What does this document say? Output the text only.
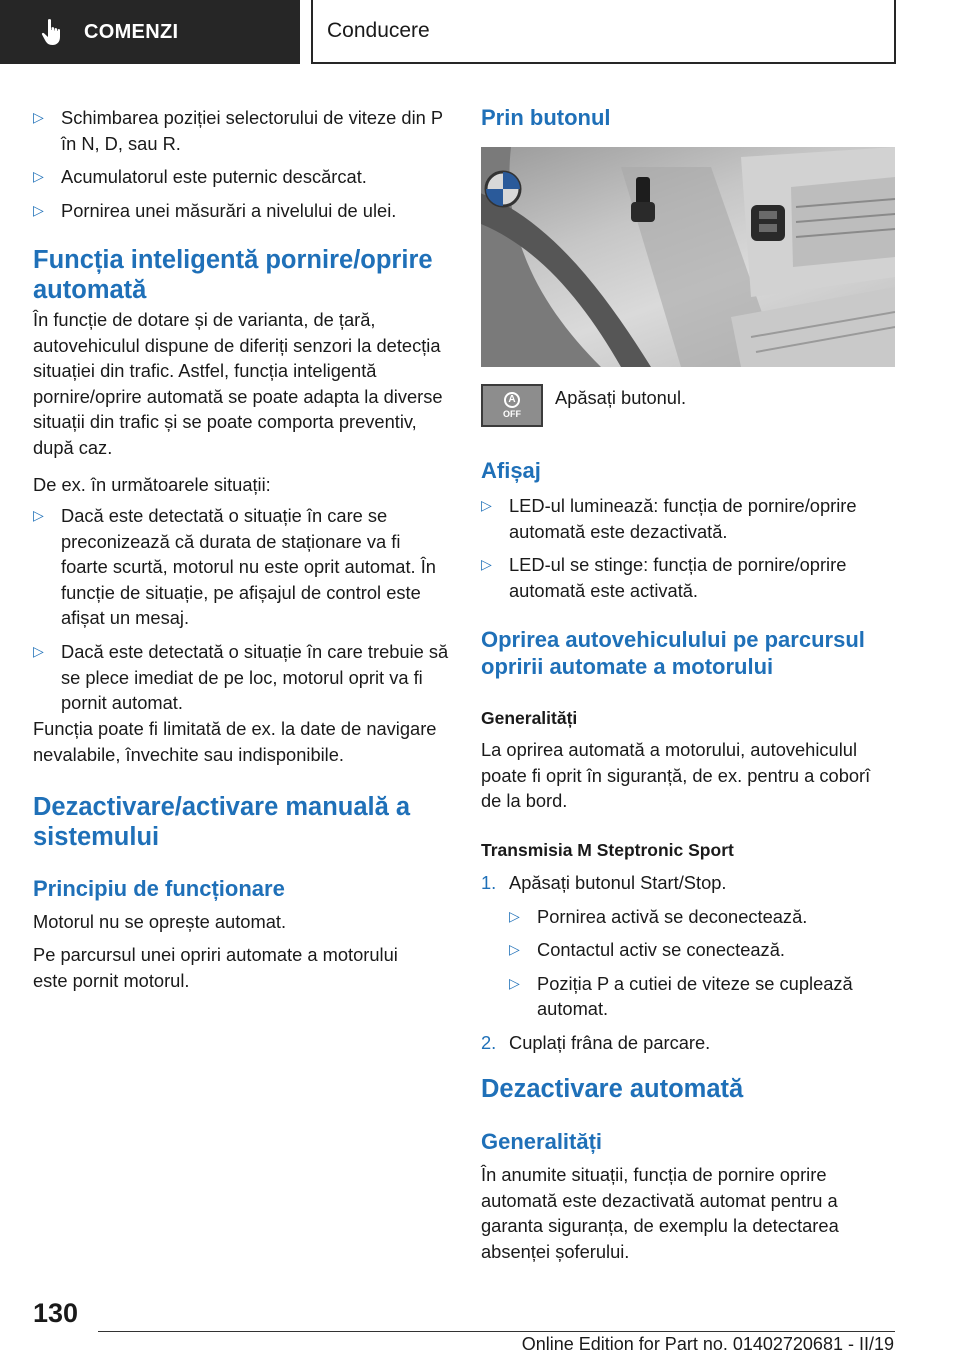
COMENZI	Conducere
▷ Schimbarea poziției selectorului de viteze din P în N, D, sau R.
▷ Acumulatorul este puternic descărcat.
▷ Pornirea unei măsurări a nivelului de ulei.
Funcția inteligentă pornire/oprire automată

În funcție de dotare și de varianta, de țară, autovehiculul dispune de diferiți senzori la detecția situației din trafic. Astfel, funcția inteligentă pornire/oprire automată se poate adapta la diverse situații din trafic și se poate comporta preventiv, după caz.

De ex. în următoarele situații:

▷ Dacă este detectată o situație în care se preconizează că durata de staționare va fi foarte scurtă, motorul nu este oprit automat. În funcție de situație, pe afișajul de control este afișat un mesaj.
▷ Dacă este detectată o situație în care trebuie să se plece imediat de pe loc, motorul oprit va fi pornit automat.

Funcția poate fi limitată de ex. la date de navigare nevalabile, învechite sau indisponibile.

Dezactivare/activare manuală a sistemului
Principiu de funcționare

Motorul nu se oprește automat.

Pe parcursul unei opriri automate a motorului este pornit motorul.

Prin butonul
A
OFF

Apăsați butonul.

Afișaj
▷ LED-ul luminează: funcția de pornire/oprire automată este dezactivată.
▷ LED-ul se stinge: funcția de pornire/oprire automată este activată.
Oprirea autovehiculului pe parcursul opririi automate a motorului
Generalități

La oprirea automată a motorului, autovehiculul poate fi oprit în siguranță, de ex. pentru a coborî de la bord.

Transmisia M Steptronic Sport
1. Apăsați butonul Start/Stop.
▷ Pornirea activă se deconectează.
▷ Contactul activ se conectează.
▷ Poziția P a cutiei de viteze se cuplează automat.
2. Cuplați frâna de parcare.
Dezactivare automată
Generalități

În anumite situații, funcția de pornire oprire automată este dezactivată automat pentru a garanta siguranța, de exemplu la detectarea absenței șoferului.

130
Online Edition for Part no. 01402720681 - II/19
